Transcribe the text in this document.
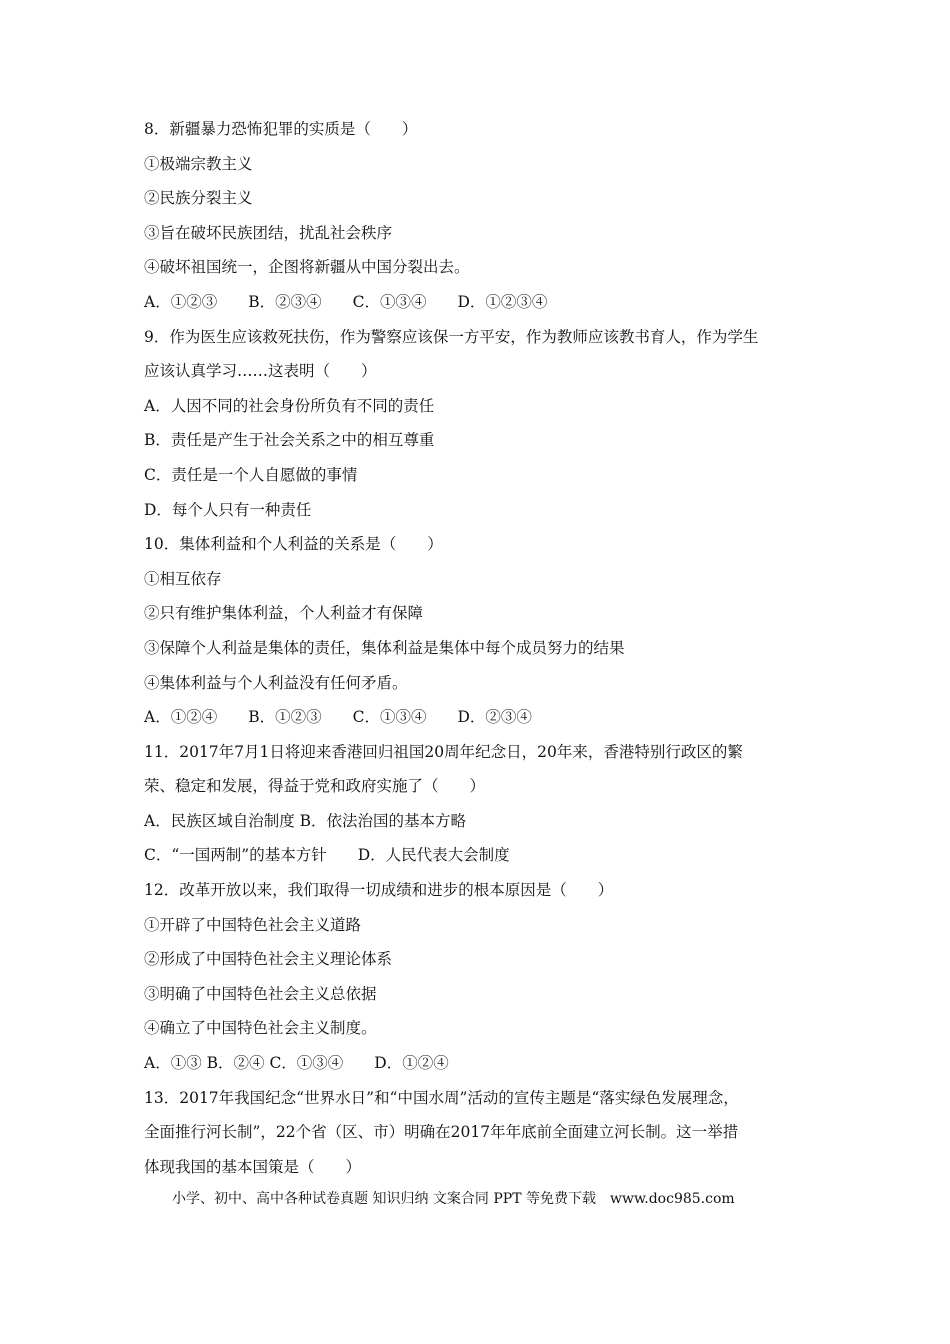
8．新疆暴力恐怖犯罪的实质是（　　）
①极端宗教主义
②民族分裂主义
③旨在破坏民族团结，扰乱社会秩序
④破坏祖国统一，企图将新疆从中国分裂出去。
A．①②③　　B．②③④　　C．①③④　　D．①②③④
9．作为医生应该救死扶伤，作为警察应该保一方平安，作为教师应该教书育人，作为学生
应该认真学习……这表明（　　）
A．人因不同的社会身份所负有不同的责任
B．责任是产生于社会关系之中的相互尊重
C．责任是一个人自愿做的事情
D．每个人只有一种责任
10．集体利益和个人利益的关系是（　　）
①相互依存
②只有维护集体利益，个人利益才有保障
③保障个人利益是集体的责任，集体利益是集体中每个成员努力的结果
④集体利益与个人利益没有任何矛盾。
A．①②④　　B．①②③　　C．①③④　　D．②③④
11．2017年7月1日将迎来香港回归祖国20周年纪念日，20年来，香港特别行政区的繁
荣、稳定和发展，得益于党和政府实施了（　　）
A．民族区域自治制度 B．依法治国的基本方略
C．“一国两制”的基本方针　　D．人民代表大会制度
12．改革开放以来，我们取得一切成绩和进步的根本原因是（　　）
①开辟了中国特色社会主义道路
②形成了中国特色社会主义理论体系
③明确了中国特色社会主义总依据
④确立了中国特色社会主义制度。
A．①③ B．②④ C．①③④　　D．①②④
13．2017年我国纪念“世界水日”和“中国水周”活动的宣传主题是“落实绿色发展理念，
全面推行河长制”，22个省（区、市）明确在2017年年底前全面建立河长制。这一举措
体现我国的基本国策是（　　）
小学、初中、高中各种试卷真题 知识归纳 文案合同 PPT 等免费下载　www.doc985.com
